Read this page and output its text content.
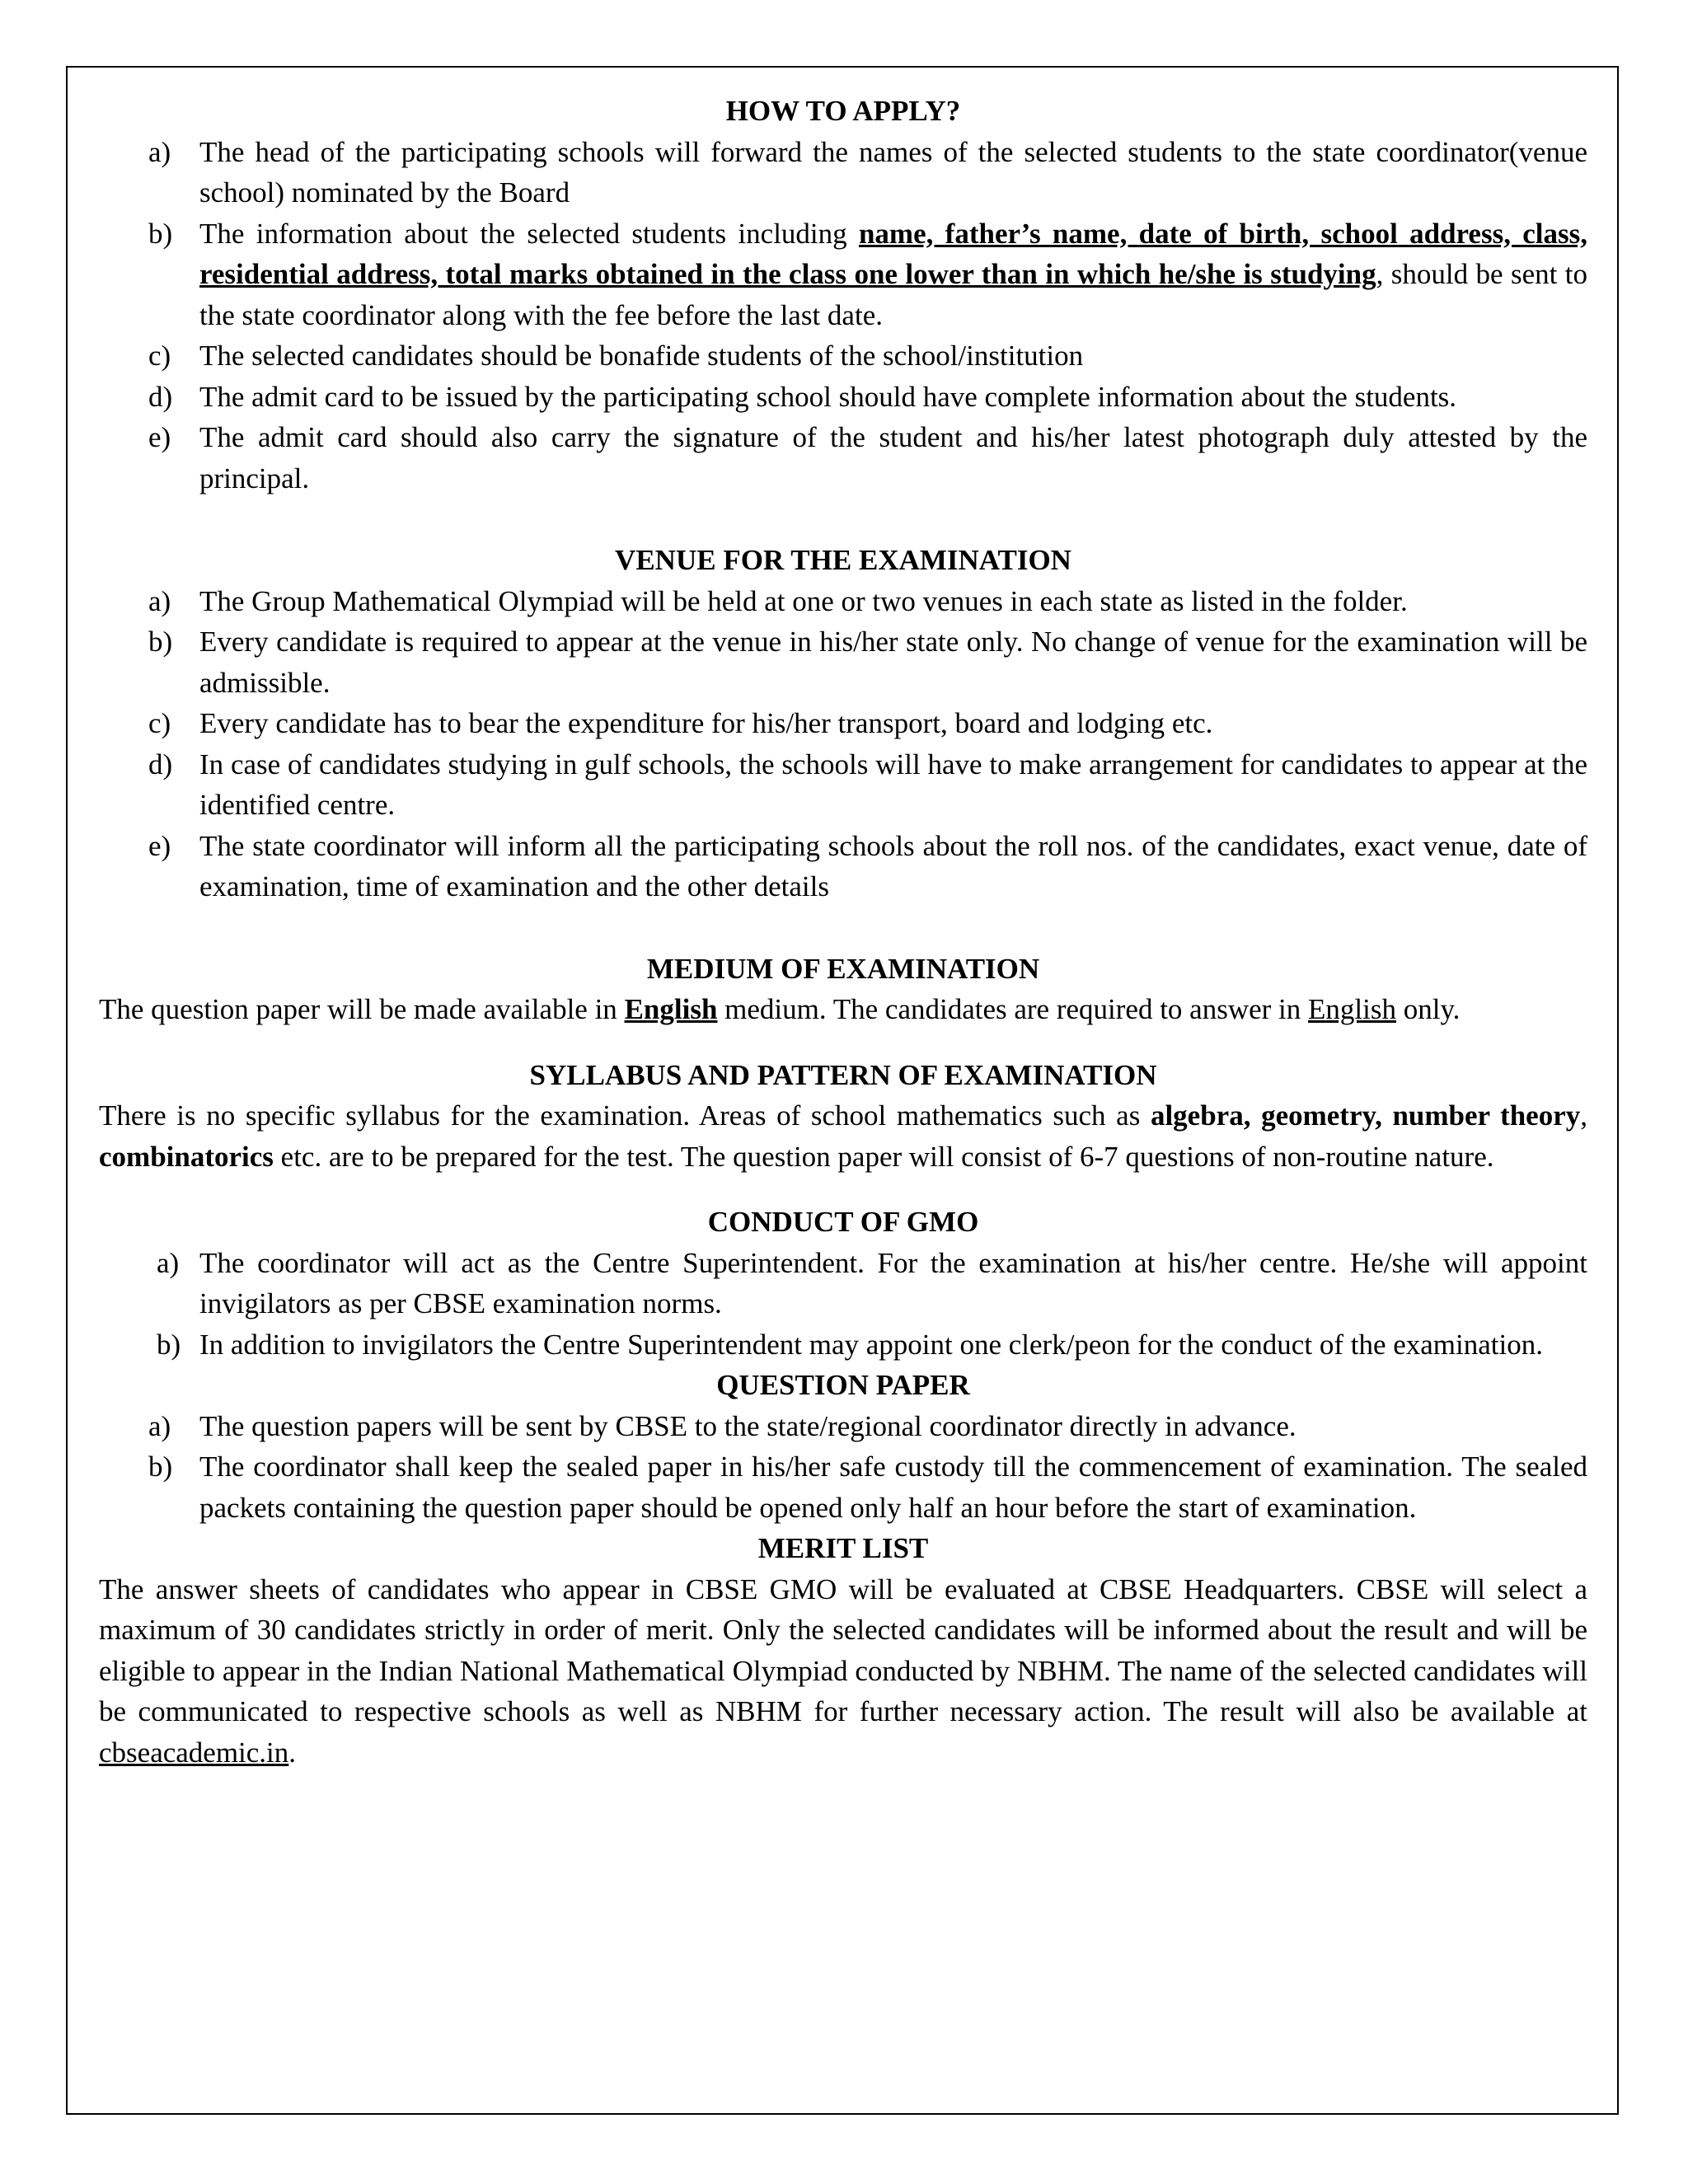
HOW TO APPLY?
a) The head of the participating schools will forward the names of the selected students to the state coordinator(venue school) nominated by the Board
b) The information about the selected students including name, father’s name, date of birth, school address, class, residential address, total marks obtained in the class one lower than in which he/she is studying, should be sent to the state coordinator along with the fee before the last date.
c) The selected candidates should be bonafide students of the school/institution
d) The admit card to be issued by the participating school should have complete information about the students.
e) The admit card should also carry the signature of the student and his/her latest photograph duly attested by the principal.
VENUE FOR THE EXAMINATION
a) The Group Mathematical Olympiad will be held at one or two venues in each state as listed in the folder.
b) Every candidate is required to appear at the venue in his/her state only. No change of venue for the examination will be admissible.
c) Every candidate has to bear the expenditure for his/her transport, board and lodging etc.
d) In case of candidates studying in gulf schools, the schools will have to make arrangement for candidates to appear at the identified centre.
e) The state coordinator will inform all the participating schools about the roll nos. of the candidates, exact venue, date of examination, time of examination and the other details
MEDIUM OF EXAMINATION

The question paper will be made available in English medium. The candidates are required to answer in English only.

SYLLABUS AND PATTERN OF EXAMINATION

There is no specific syllabus for the examination. Areas of school mathematics such as algebra, geometry, number theory, combinatorics etc. are to be prepared for the test. The question paper will consist of 6-7 questions of non-routine nature.

CONDUCT OF GMO
a) The coordinator will act as the Centre Superintendent. For the examination at his/her centre. He/she will appoint invigilators as per CBSE examination norms.
b) In addition to invigilators the Centre Superintendent may appoint one clerk/peon for the conduct of the examination.
QUESTION PAPER
a) The question papers will be sent by CBSE to the state/regional coordinator directly in advance.
b) The coordinator shall keep the sealed paper in his/her safe custody till the commencement of examination. The sealed packets containing the question paper should be opened only half an hour before the start of examination.
MERIT LIST

The answer sheets of candidates who appear in CBSE GMO will be evaluated at CBSE Headquarters. CBSE will select a maximum of 30 candidates strictly in order of merit. Only the selected candidates will be informed about the result and will be eligible to appear in the Indian National Mathematical Olympiad conducted by NBHM. The name of the selected candidates will be communicated to respective schools as well as NBHM for further necessary action. The result will also be available at cbseacademic.in.
